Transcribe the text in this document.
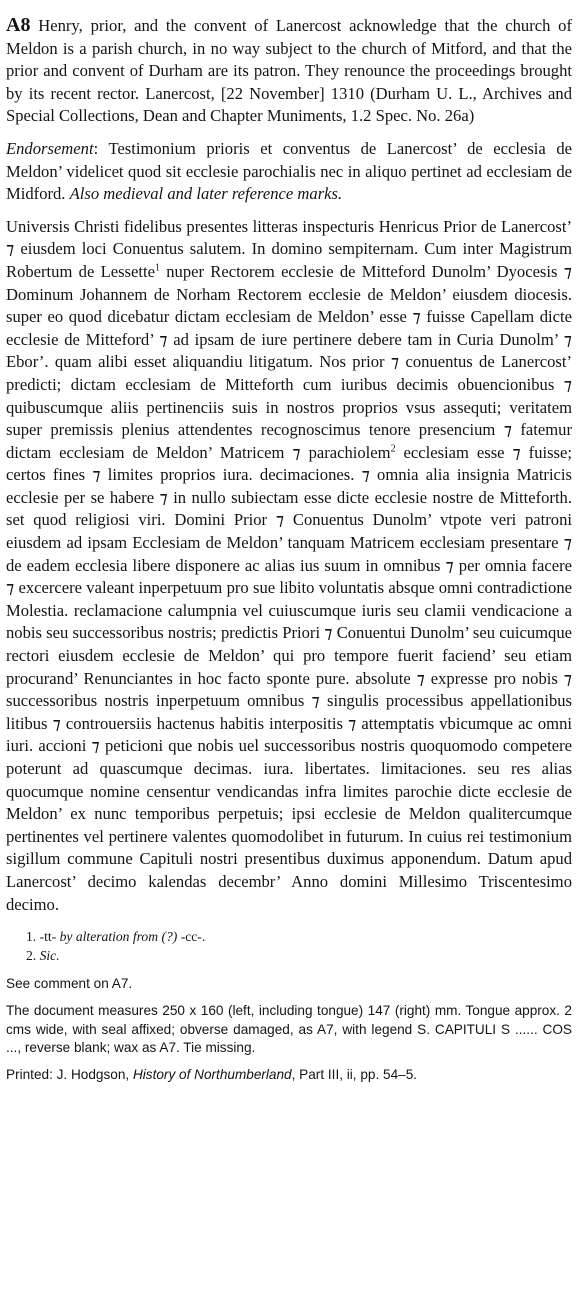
A8 Henry, prior, and the convent of Lanercost acknowledge that the church of Meldon is a parish church, in no way subject to the church of Mitford, and that the prior and convent of Durham are its patron. They renounce the proceedings brought by its recent rector. Lanercost, [22 November] 1310 (Durham U. L., Archives and Special Collections, Dean and Chapter Muniments, 1.2 Spec. No. 26a)

Endorsement: Testimonium prioris et conventus de Lanercost’ de ecclesia de Meldon’ videlicet quod sit ecclesie parochialis nec in aliquo pertinet ad ecclesiam de Midford. Also medieval and later reference marks.

Universis Christi fidelibus presentes litteras inspecturis Henricus Prior de Lanercost’ ⁊ eiusdem loci Conuentus salutem. In domino sempiternam. Cum inter Magistrum Robertum de Lessette$^1$ nuper Rectorem ecclesie de Mitteford Dunolm’ Dyocesis ⁊ Dominum Johannem de Norham Rectorem ecclesie de Meldon’ eiusdem diocesis. super eo quod dicebatur dictam ecclesiam de Meldon’ esse ⁊ fuisse Capellam dicte ecclesie de Mitteford’ ⁊ ad ipsam de iure pertinere debere tam in Curia Dunolm’ ⁊ Ebor’. quam alibi esset aliquandiu litigatum. Nos prior ⁊ conuentus de Lanercost’ predicti; dictam ecclesiam de Mitteforth cum iuribus decimis obuencionibus ⁊ quibuscumque aliis pertinenciis suis in nostros proprios vsus assequti; veritatem super premissis plenius attendentes recognoscimus tenore presencium ⁊ fatemur dictam ecclesiam de Meldon’ Matricem ⁊ parachiolem$^2$ ecclesiam esse ⁊ fuisse; certos fines ⁊ limites proprios iura. decimaciones. ⁊ omnia alia insignia Matricis ecclesie per se habere ⁊ in nullo subiectam esse dicte ecclesie nostre de Mitteforth. set quod religiosi viri. Domini Prior ⁊ Conuentus Dunolm’ vtpote veri patroni eiusdem ad ipsam Ecclesiam de Meldon’ tanquam Matricem ecclesiam presentare ⁊ de eadem ecclesia libere disponere ac alias ius suum in omnibus ⁊ per omnia facere ⁊ excercere valeant inperpetuum pro sue libito voluntatis absque omni contradictione Molestia. reclamacione calumpnia vel cuiuscumque iuris seu clamii vendicacione a nobis seu successoribus nostris; predictis Priori ⁊ Conuentui Dunolm’ seu cuicumque rectori eiusdem ecclesie de Meldon’ qui pro tempore fuerit faciend’ seu etiam procurand’ Renunciantes in hoc facto sponte pure. absolute ⁊ expresse pro nobis ⁊ successoribus nostris inperpetuum omnibus ⁊ singulis processibus appellationibus litibus ⁊ controuersiis hactenus habitis interpositis ⁊ attemptatis vbicumque ac omni iuri. accioni ⁊ peticioni que nobis uel successoribus nostris quoquomodo competere poterunt ad quascumque decimas. iura. libertates. limitaciones. seu res alias quocumque nomine censentur vendicandas infra limites parochie dicte ecclesie de Meldon’ ex nunc temporibus perpetuis; ipsi ecclesie de Meldon qualitercumque pertinentes vel pertinere valentes quomodolibet in futurum. In cuius rei testimonium sigillum commune Capituli nostri presentibus duximus apponendum. Datum apud Lanercost’ decimo kalendas decembr’ Anno domini Millesimo Triscentesimo decimo.

1. -tt- by alteration from (?) -cc-.
2. Sic.

See comment on A7.

The document measures 250 x 160 (left, including tongue) 147 (right) mm. Tongue approx. 2 cms wide, with seal affixed; obverse damaged, as A7, with legend S. CAPITULI S ...... COS ..., reverse blank; wax as A7. Tie missing.

Printed: J. Hodgson, History of Northumberland, Part III, ii, pp. 54–5.
